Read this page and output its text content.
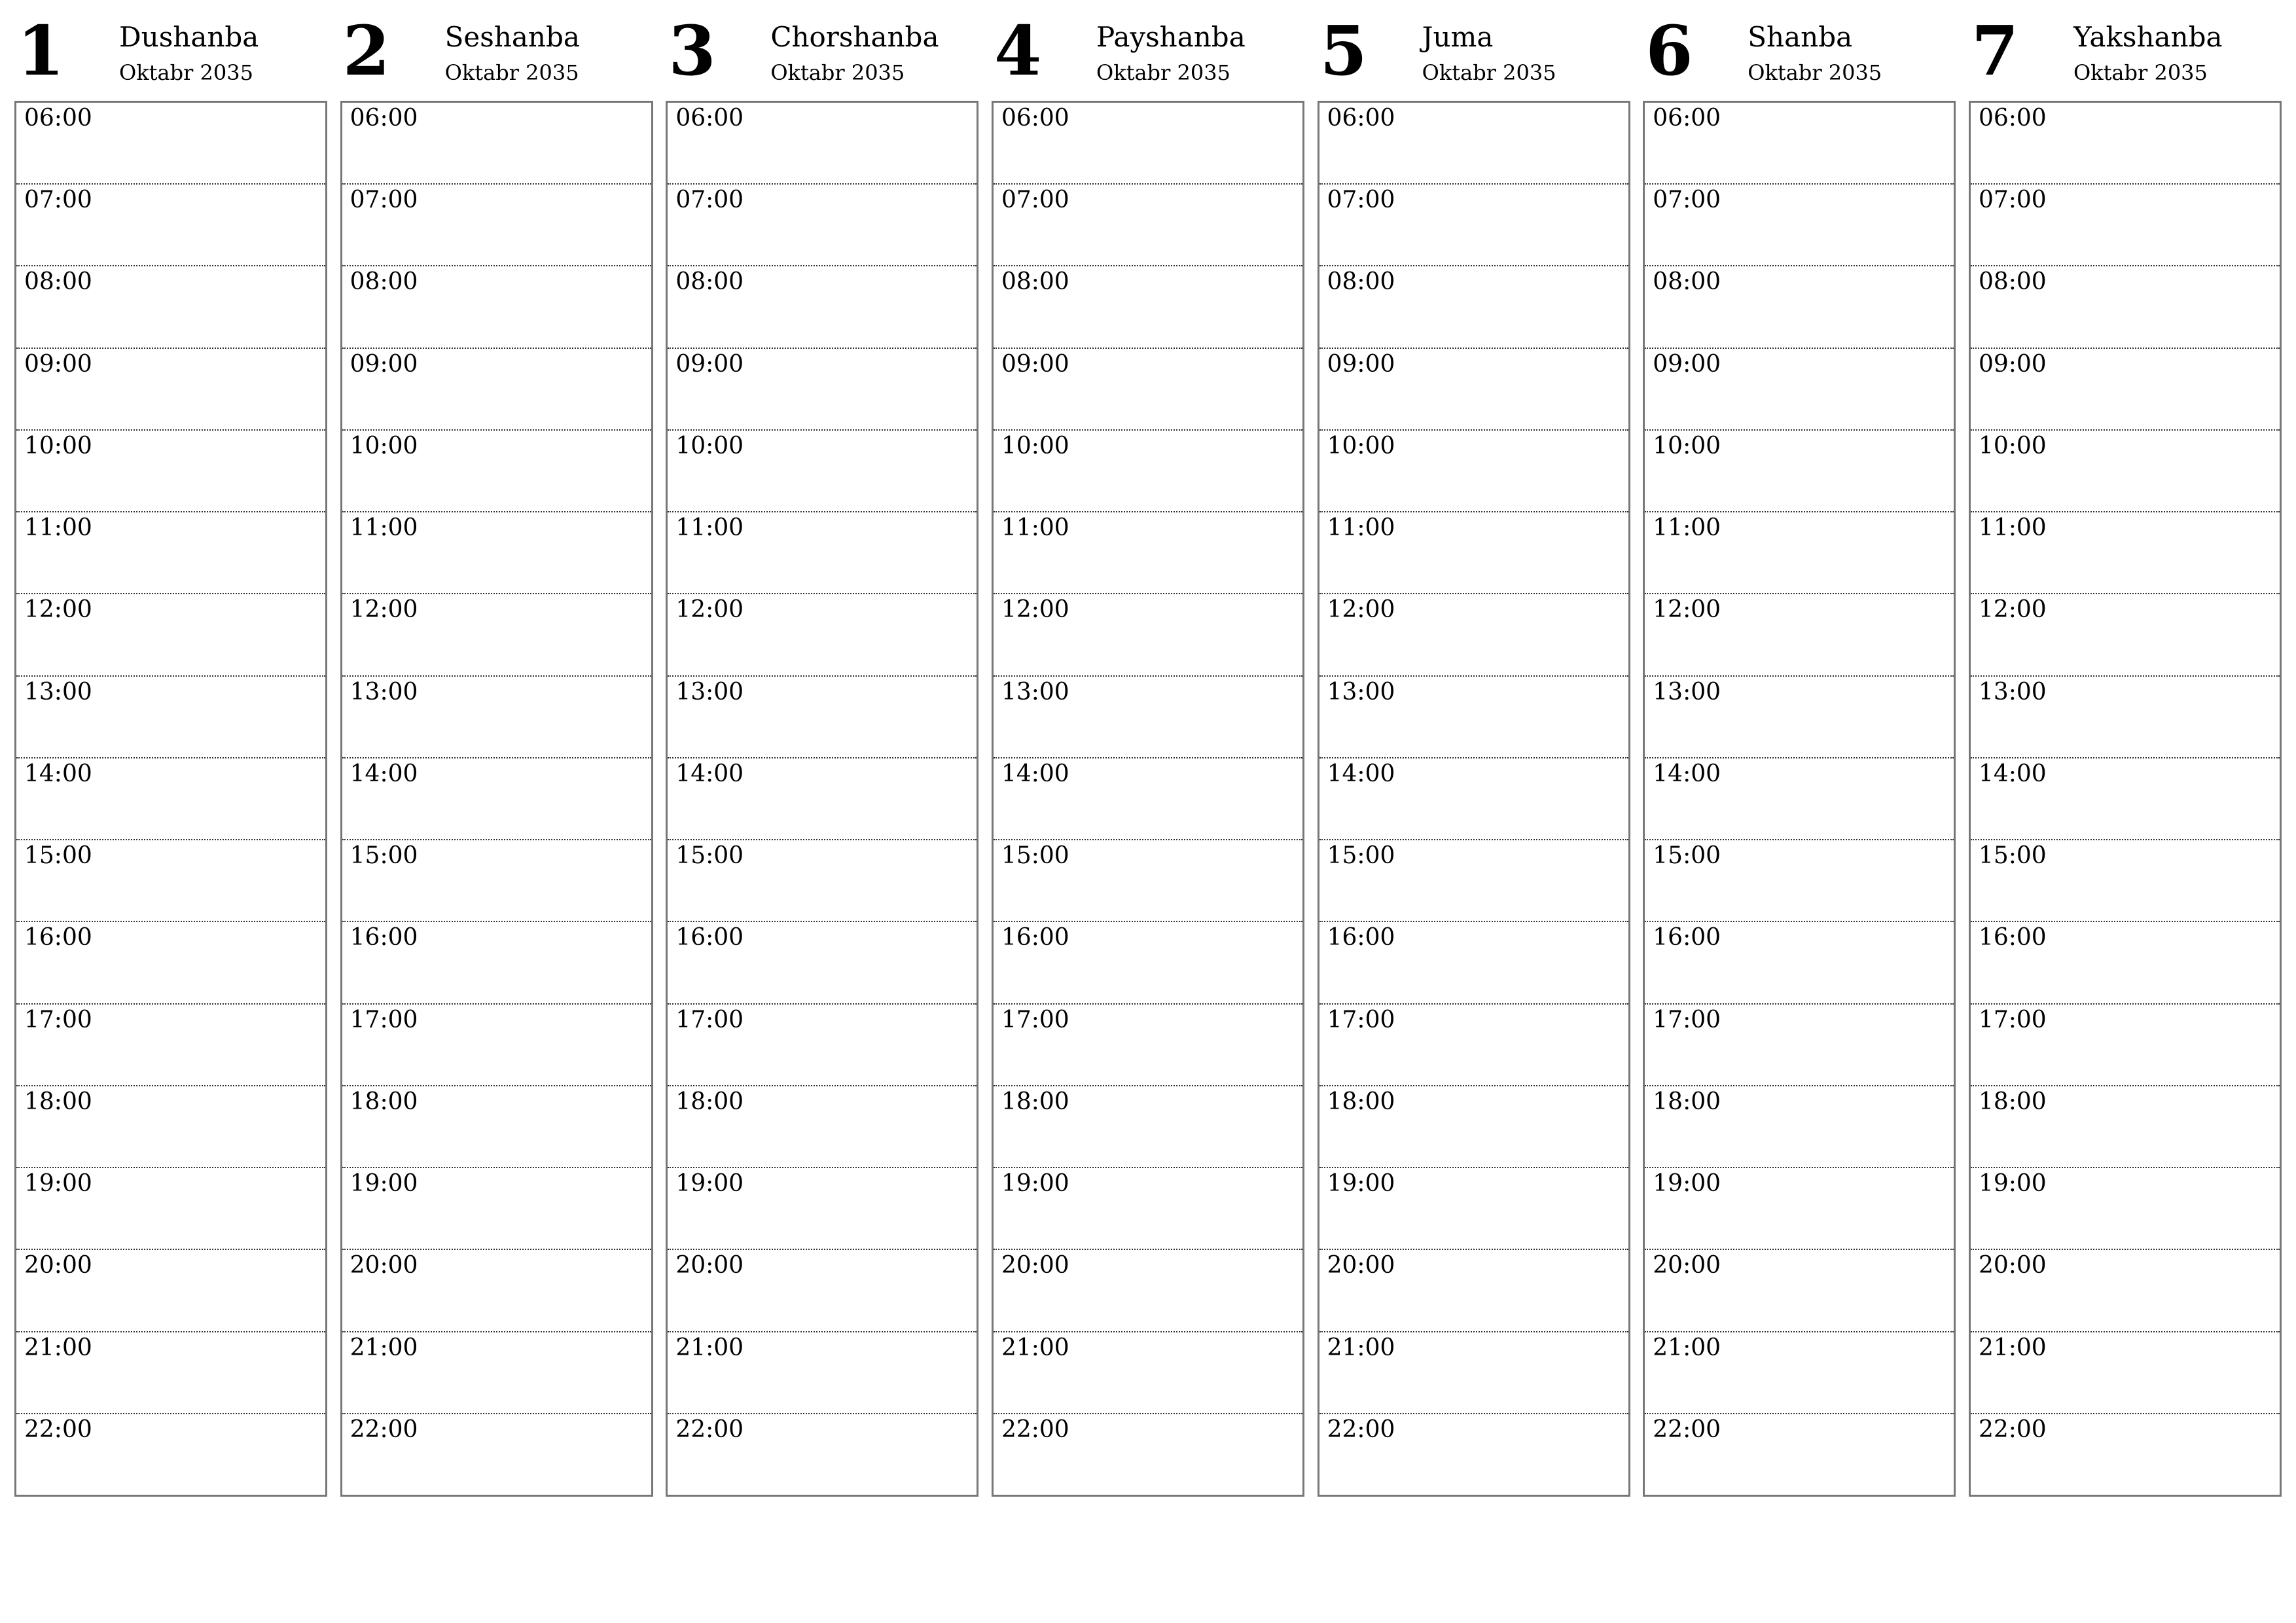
1 Dushanba
Oktabr 2035
06:00
07:00
08:00
09:00
10:00
11:00
12:00
13:00
14:00
15:00
16:00
17:00
18:00
19:00
20:00
21:00
22:00
2 Seshanba
Oktabr 2035
06:00
07:00
08:00
09:00
10:00
11:00
12:00
13:00
14:00
15:00
16:00
17:00
18:00
19:00
20:00
21:00
22:00
3 Chorshanba
Oktabr 2035
06:00
07:00
08:00
09:00
10:00
11:00
12:00
13:00
14:00
15:00
16:00
17:00
18:00
19:00
20:00
21:00
22:00
4 Payshanba
Oktabr 2035
06:00
07:00
08:00
09:00
10:00
11:00
12:00
13:00
14:00
15:00
16:00
17:00
18:00
19:00
20:00
21:00
22:00
5 Juma
Oktabr 2035
06:00
07:00
08:00
09:00
10:00
11:00
12:00
13:00
14:00
15:00
16:00
17:00
18:00
19:00
20:00
21:00
22:00
6 Shanba
Oktabr 2035
06:00
07:00
08:00
09:00
10:00
11:00
12:00
13:00
14:00
15:00
16:00
17:00
18:00
19:00
20:00
21:00
22:00
7 Yakshanba
Oktabr 2035
06:00
07:00
08:00
09:00
10:00
11:00
12:00
13:00
14:00
15:00
16:00
17:00
18:00
19:00
20:00
21:00
22:00
